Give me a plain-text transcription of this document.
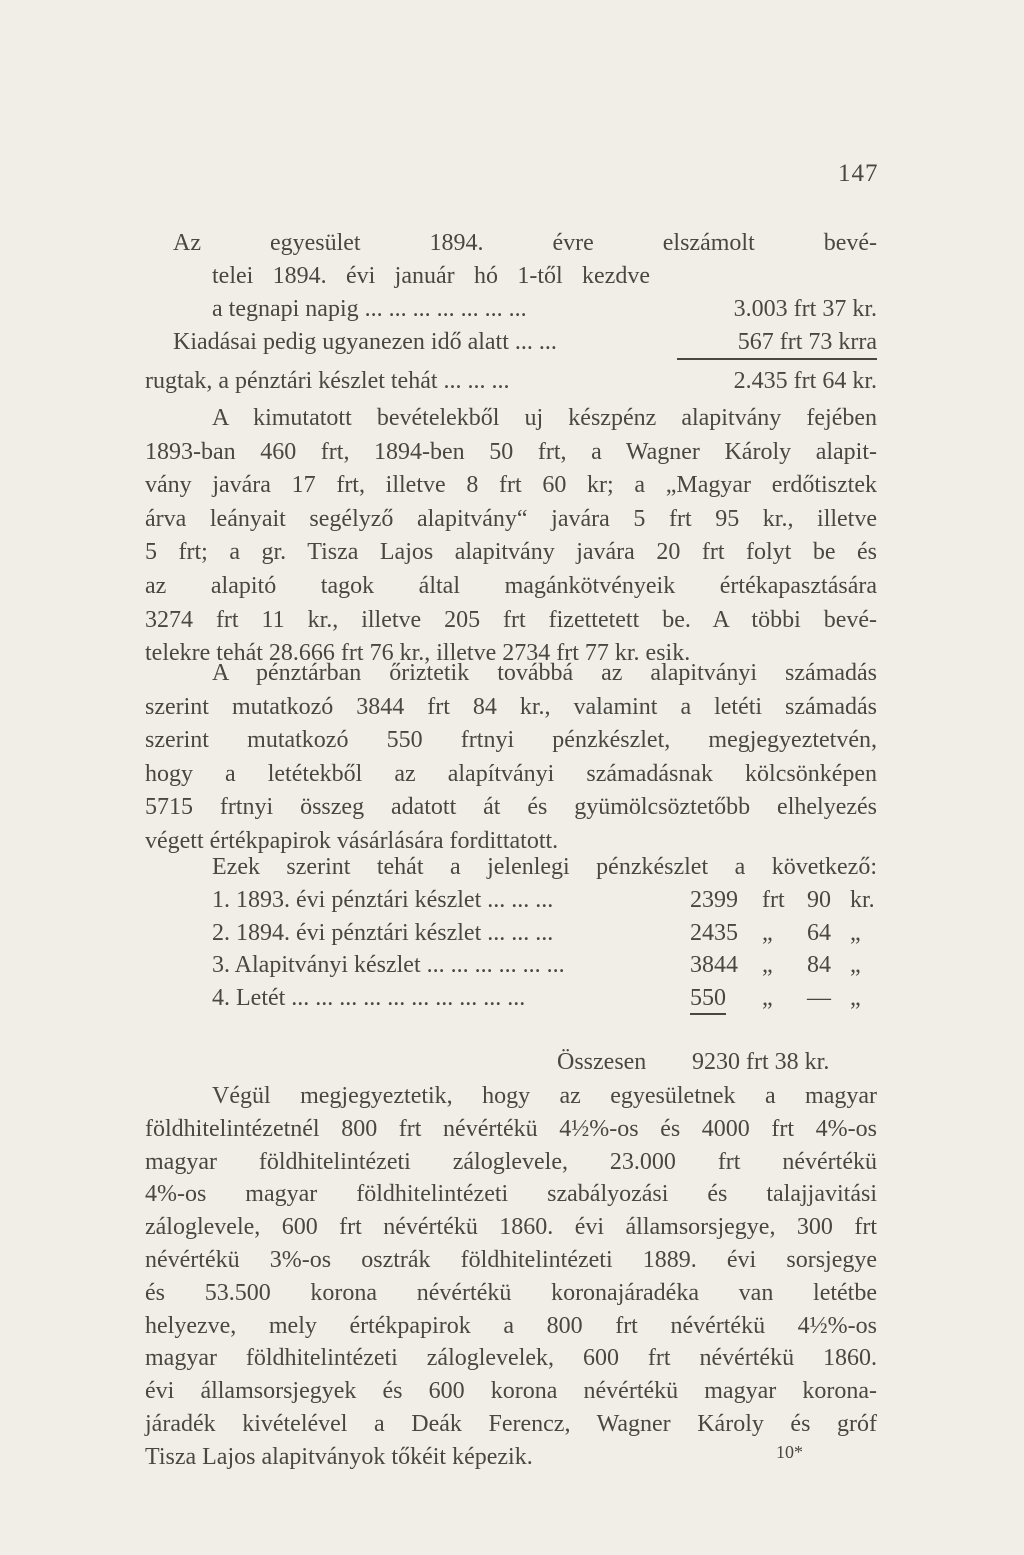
147
Az egyesület 1894. évre elszámolt bevé-
telei 1894. évi január hó 1-től kezdve
a tegnapi napig ... ... ... ... ... ... ...	3.003 frt 37 kr.
Kiadásai pedig ugyanezen idő alatt ... ...	567 frt 73 krra
rugtak, a pénztári készlet tehát ... ... ...	2.435 frt 64 kr.
A kimutatott bevételekből uj készpénz alapitvány fejében
1893-ban 460 frt, 1894-ben 50 frt, a Wagner Károly alapit-
vány javára 17 frt, illetve 8 frt 60 kr; a „Magyar erdőtisztek
árva leányait segélyző alapitvány“ javára 5 frt 95 kr., illetve
5 frt; a gr. Tisza Lajos alapitvány javára 20 frt folyt be és
az alapitó tagok által magánkötvényeik értékapasztására
3274 frt 11 kr., illetve 205 frt fizettetett be. A többi bevé-
telekre tehát 28.666 frt 76 kr., illetve 2734 frt 77 kr. esik.
A pénztárban őriztetik továbbá az alapitványi számadás
szerint mutatkozó 3844 frt 84 kr., valamint a letéti számadás
szerint mutatkozó 550 frtnyi pénzkészlet, megjegyeztetvén,
hogy a letétekből az alapítványi számadásnak kölcsönképen
5715 frtnyi összeg adatott át és gyümölcsöztetőbb elhelyezés
végett értékpapirok vásárlására fordittatott.
Ezek szerint tehát a jelenlegi pénzkészlet a következő:
1. 1893. évi pénztári készlet ... ... ...	2399 frt 90 kr.
2. 1894. évi pénztári készlet ... ... ...	2435 „ 64 „
3. Alapitványi készlet ... ... ... ... ... ...	3844 „ 84 „
4. Letét ... ... ... ... ... ... ... ... ... ...	550 „ — „
Összesen 9230 frt 38 kr.
Végül megjegyeztetik, hogy az egyesületnek a magyar
földhitelintézetnél 800 frt névértékü 4½%-os és 4000 frt 4%-os
magyar földhitelintézeti záloglevele, 23.000 frt névértékü
4%-os magyar földhitelintézeti szabályozási és talajjavitási
záloglevele, 600 frt névértékü 1860. évi államsorsjegye, 300 frt
névértékü 3%-os osztrák földhitelintézeti 1889. évi sorsjegye
és 53.500 korona névértékü koronajáradéka van letétbe
helyezve, mely értékpapirok a 800 frt névértékü 4½%-os
magyar földhitelintézeti záloglevelek, 600 frt névértékü 1860.
évi államsorsjegyek és 600 korona névértékü magyar korona-
járadék kivételével a Deák Ferencz, Wagner Károly és gróf
Tisza Lajos alapitványok tőkéit képezik.	10*
